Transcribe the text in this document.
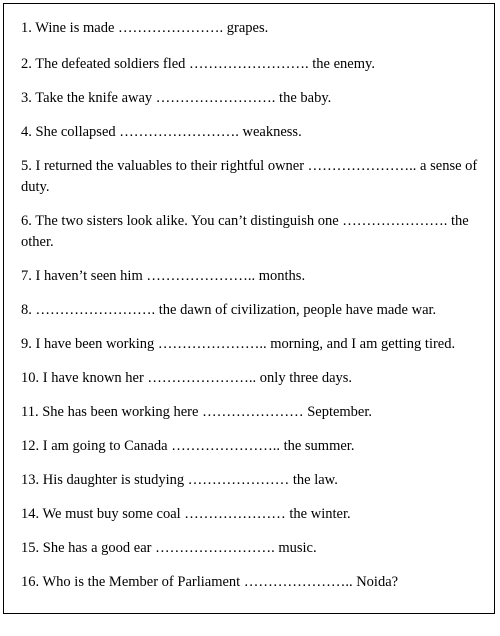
1. Wine is made …………………. grapes.
2. The defeated soldiers fled ……………………. the enemy.
3. Take the knife away ……………………. the baby.
4. She collapsed ……………………. weakness.
5. I returned the valuables to their rightful owner ………………….. a sense of duty.
6. The two sisters look alike. You can’t distinguish one …………………. the other.
7. I haven’t seen him ………………….. months.
8. ……………………. the dawn of civilization, people have made war.
9. I have been working ………………….. morning, and I am getting tired.
10. I have known her ………………….. only three days.
11. She has been working here ………………… September.
12. I am going to Canada ………………….. the summer.
13. His daughter is studying ………………… the law.
14. We must buy some coal ………………… the winter.
15. She has a good ear ……………………. music.
16. Who is the Member of Parliament ………………….. Noida?
